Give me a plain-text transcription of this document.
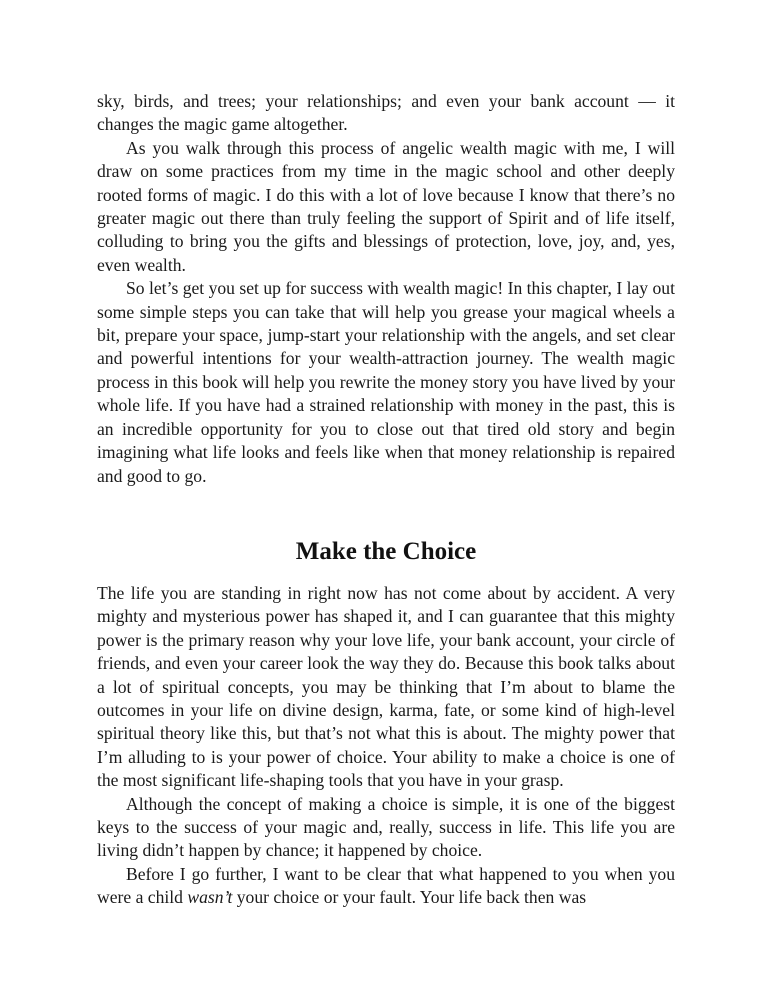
sky, birds, and trees; your relationships; and even your bank account — it changes the magic game altogether.

As you walk through this process of angelic wealth magic with me, I will draw on some practices from my time in the magic school and other deeply rooted forms of magic. I do this with a lot of love because I know that there’s no greater magic out there than truly feeling the support of Spirit and of life itself, colluding to bring you the gifts and blessings of protection, love, joy, and, yes, even wealth.

So let’s get you set up for success with wealth magic! In this chapter, I lay out some simple steps you can take that will help you grease your magical wheels a bit, prepare your space, jump-start your relationship with the angels, and set clear and powerful intentions for your wealth-attraction journey. The wealth magic process in this book will help you rewrite the money story you have lived by your whole life. If you have had a strained relationship with money in the past, this is an incredible opportunity for you to close out that tired old story and begin imagining what life looks and feels like when that money relationship is repaired and good to go.

Make the Choice

The life you are standing in right now has not come about by accident. A very mighty and mysterious power has shaped it, and I can guarantee that this mighty power is the primary reason why your love life, your bank account, your circle of friends, and even your career look the way they do. Because this book talks about a lot of spiritual concepts, you may be thinking that I’m about to blame the outcomes in your life on divine design, karma, fate, or some kind of high-level spiritual theory like this, but that’s not what this is about. The mighty power that I’m alluding to is your power of choice. Your ability to make a choice is one of the most significant life-shaping tools that you have in your grasp.

Although the concept of making a choice is simple, it is one of the biggest keys to the success of your magic and, really, success in life. This life you are living didn’t happen by chance; it happened by choice.

Before I go further, I want to be clear that what happened to you when you were a child wasn’t your choice or your fault. Your life back then was
